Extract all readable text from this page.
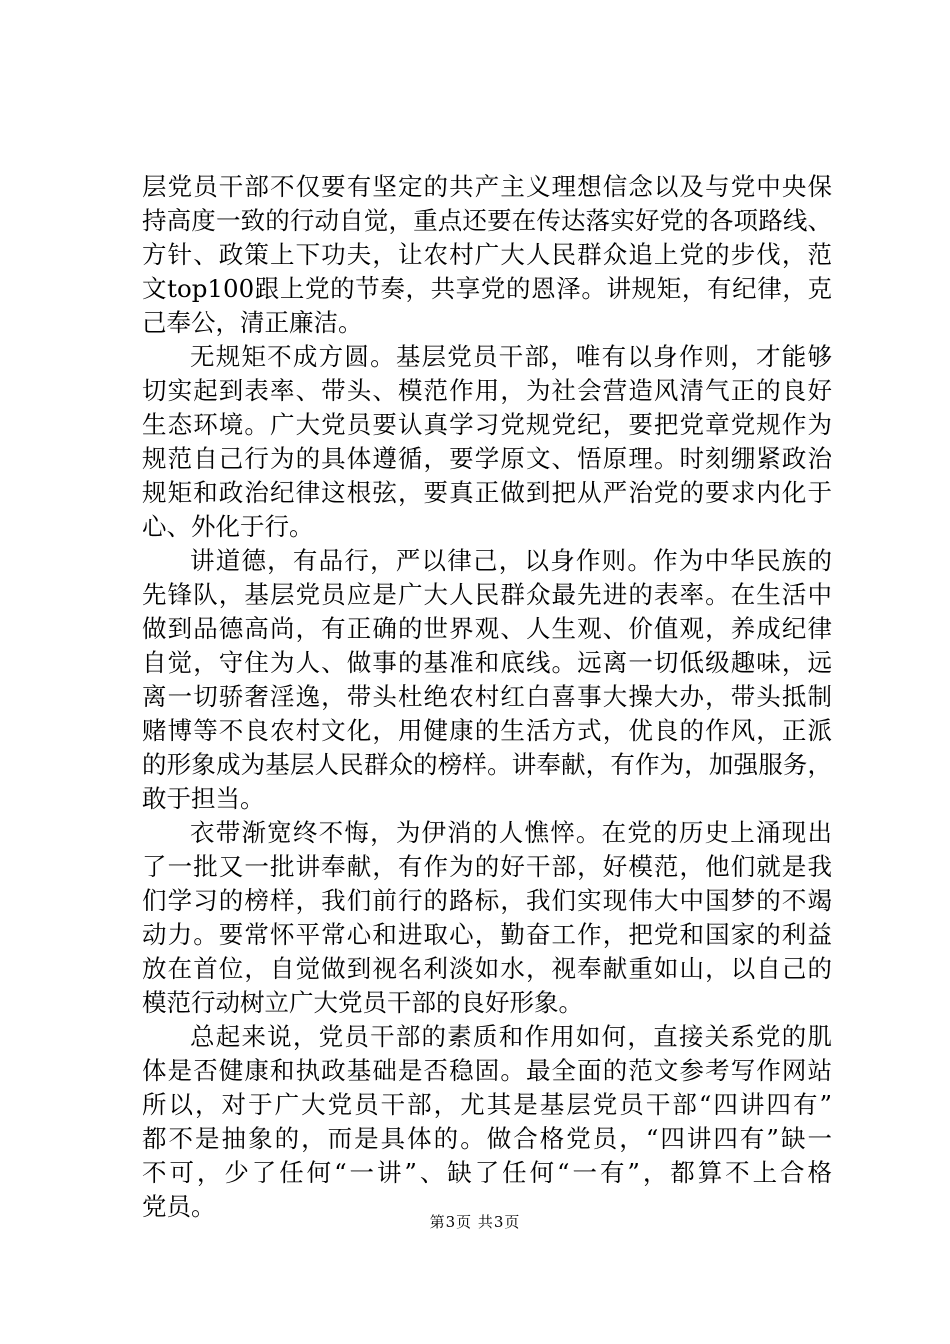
层党员干部不仅要有坚定的共产主义理想信念以及与党中央保
持高度一致的行动自觉，重点还要在传达落实好党的各项路线、
方针、政策上下功夫，让农村广大人民群众追上党的步伐，范
文top100跟上党的节奏，共享党的恩泽。讲规矩，有纪律，克
己奉公，清正廉洁。
无规矩不成方圆。基层党员干部，唯有以身作则，才能够
切实起到表率、带头、模范作用，为社会营造风清气正的良好
生态环境。广大党员要认真学习党规党纪，要把党章党规作为
规范自己行为的具体遵循，要学原文、悟原理。时刻绷紧政治
规矩和政治纪律这根弦，要真正做到把从严治党的要求内化于
心、外化于行。
讲道德，有品行，严以律己，以身作则。作为中华民族的
先锋队，基层党员应是广大人民群众最先进的表率。在生活中
做到品德高尚，有正确的世界观、人生观、价值观，养成纪律
自觉，守住为人、做事的基准和底线。远离一切低级趣味，远
离一切骄奢淫逸，带头杜绝农村红白喜事大操大办，带头抵制
赌博等不良农村文化，用健康的生活方式，优良的作风，正派
的形象成为基层人民群众的榜样。讲奉献，有作为，加强服务，
敢于担当。
衣带渐宽终不悔，为伊消的人憔悴。在党的历史上涌现出
了一批又一批讲奉献，有作为的好干部，好模范，他们就是我
们学习的榜样，我们前行的路标，我们实现伟大中国梦的不竭
动力。要常怀平常心和进取心，勤奋工作，把党和国家的利益
放在首位，自觉做到视名利淡如水，视奉献重如山，以自己的
模范行动树立广大党员干部的良好形象。
总起来说，党员干部的素质和作用如何，直接关系党的肌
体是否健康和执政基础是否稳固。最全面的范文参考写作网站
所以，对于广大党员干部，尤其是基层党员干部“四讲四有”
都不是抽象的，而是具体的。做合格党员，“四讲四有”缺一
不可，少了任何“一讲”、缺了任何“一有”，都算不上合格
党员。
第3页 共3页
